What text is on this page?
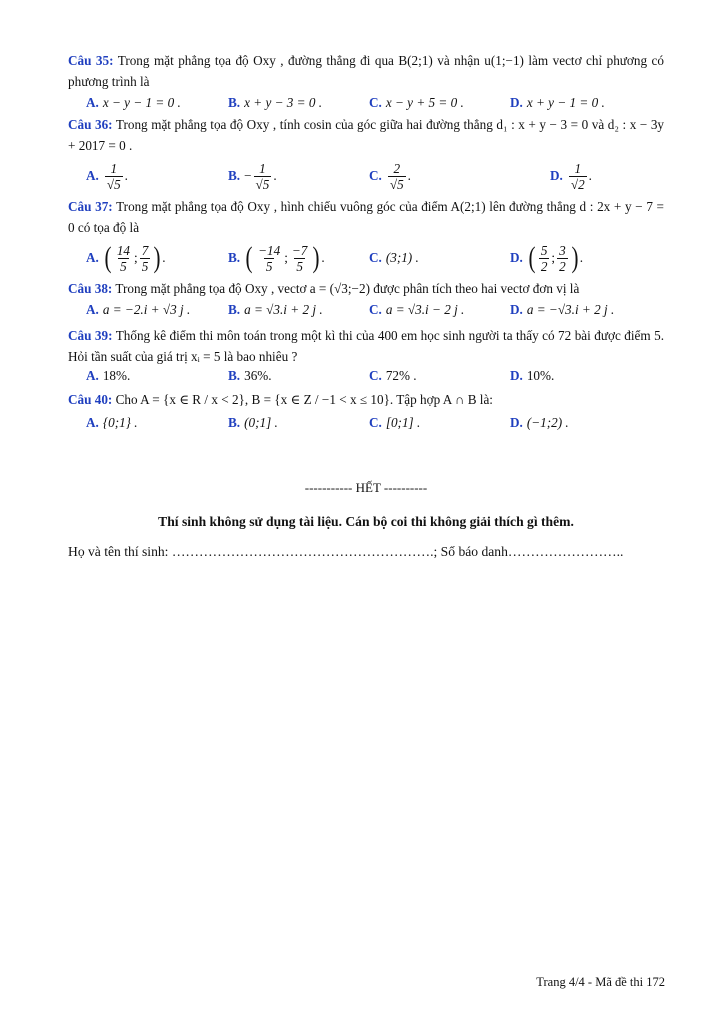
Câu 35: Trong mặt phẳng tọa độ Oxy , đường thẳng đi qua B(2;1) và nhận u(1;−1) làm vectơ chỉ phương có phương trình là
A. x − y − 1 = 0 .	B. x + y − 3 = 0 .	C. x − y + 5 = 0 .	D. x + y − 1 = 0 .
Câu 36: Trong mặt phẳng tọa độ Oxy , tính cosin của góc giữa hai đường thẳng d₁ : x + y − 3 = 0 và d₂ : x − 3y + 2017 = 0 .
A. $\frac{1}{√5}$ .	B. − $\frac{1}{√5}$ .	C. $\frac{2}{√5}$ .	D. $\frac{1}{√2}$ .
Câu 37: Trong mặt phẳng tọa độ Oxy , hình chiếu vuông góc của điểm A(2;1) lên đường thẳng d : 2x + y − 7 = 0 có tọa độ là
A. ( $\frac{14}{5}$ ; $\frac{7}{5}$ ) .	B. ( $\frac{-14}{5}$ ; $\frac{-7}{5}$ ) .	C. (3;1) .	D. ( $\frac{5}{2}$ ; $\frac{3}{2}$ ) .
Câu 38: Trong mặt phẳng tọa độ Oxy , vectơ a = (√3;−2) được phân tích theo hai vectơ đơn vị là
A. a = −2.i + √3 j .	B. a = √3.i + 2 j .	C. a = √3.i − 2 j .	D. a = −√3.i + 2 j .
Câu 39: Thống kê điểm thi môn toán trong một kì thi của 400 em học sinh người ta thấy có 72 bài được điểm 5. Hỏi tần suất của giá trị xᵢ = 5 là bao nhiêu ?
A. 18%.	B. 36%.	C. 72% .	D. 10%.
Câu 40: Cho A = {x ∈ R / x < 2}, B = {x ∈ Z / −1 < x ≤ 10}. Tập hợp A ∩ B là:
A. {0;1} .	B. (0;1] .	C. [0;1] .	D. (−1;2) .
----------- HẾT ----------
Thí sinh không sử dụng tài liệu. Cán bộ coi thi không giải thích gì thêm.
Họ và tên thí sinh: ………………………………………………….; Số báo danh……………………..
Trang 4/4 - Mã đề thi 172
